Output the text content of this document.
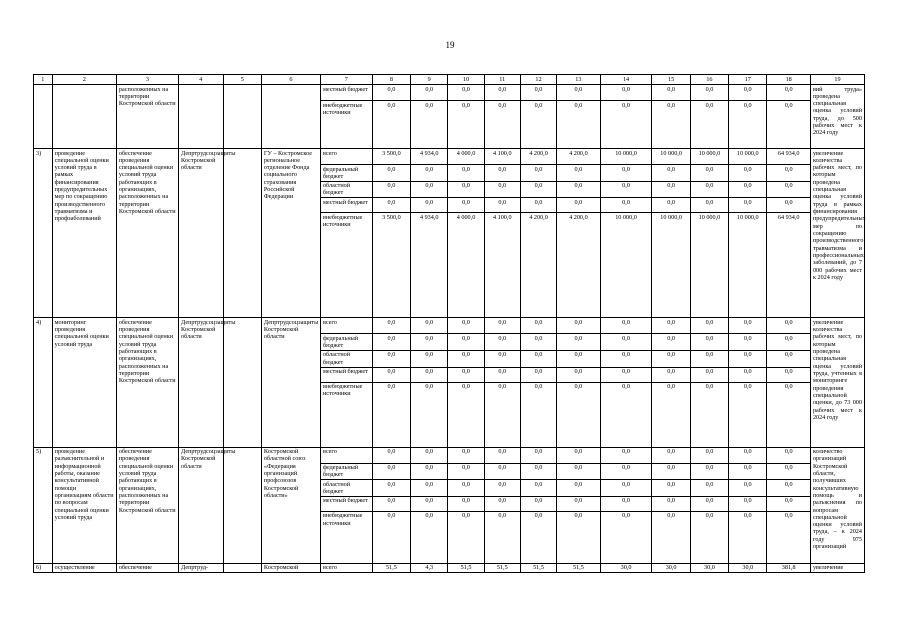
19
1	2	3	4	5	6	7	8	9	10	11	12	13	14	15	16	17	18	19
		расположенных на территории Костромской области				местный бюджет	0,0	0,0	0,0	0,0	0,0	0,0	0,0	0,0	0,0	0,0	0,0	вий труда» проведена специальная оценка условий труда, до 500 рабочих мест к 2024 году
						внебюджетные источники	0,0	0,0	0,0	0,0	0,0	0,0	0,0	0,0	0,0	0,0	0,0	
3)	проведение специальной оценки условий труда в рамках финансирования предупредительных мер по сокращению производственного травматизма и профзаболеваний	обеспечение проведения специальной оценки условий труда работающих в организациях, расположенных на территории Костромской области	Депртрудсоцзащиты Костромской области		ГУ – Костромское региональное отделение Фонда социального страхования Российской Федерации	всего	3 500,0	4 934,0	4 000,0	4 100,0	4 200,0	4 200,0	10 000,0	10 000,0	10 000,0	10 000,0	64 934,0	увеличение количества рабочих мест, по которым проведена специальная оценка условий труда в рамках финансирования предупредительных мер по сокращению производственного травматизма и профессиональных заболеваний, до 7 000 рабочих мест к 2024 году
						федеральный бюджет	0,0	0,0	0,0	0,0	0,0	0,0	0,0	0,0	0,0	0,0	0,0	
						областной бюджет	0,0	0,0	0,0	0,0	0,0	0,0	0,0	0,0	0,0	0,0	0,0	
						местный бюджет	0,0	0,0	0,0	0,0	0,0	0,0	0,0	0,0	0,0	0,0	0,0	
						внебюджетные источники	3 500,0	4 934,0	4 000,0	4 100,0	4 200,0	4 200,0	10 000,0	10 000,0	10 000,0	10 000,0	64 934,0	
4)	мониторинг проведения специальной оценки условий труда	обеспечение проведения специальной оценки условий труда работающих в организациях, расположенных на территории Костромской области	Депртрудсоцзащиты Костромской области		Депртрудсоцзащиты Костромской области	всего	0,0	0,0	0,0	0,0	0,0	0,0	0,0	0,0	0,0	0,0	0,0	увеличение количества рабочих мест, по которым проведена специальная оценка условий труда, учтенных в мониторинге проведения специальной оценки, до 73 000 рабочих мест к 2024 году
						федеральный бюджет	0,0	0,0	0,0	0,0	0,0	0,0	0,0	0,0	0,0	0,0	0,0	
						областной бюджет	0,0	0,0	0,0	0,0	0,0	0,0	0,0	0,0	0,0	0,0	0,0	
						местный бюджет	0,0	0,0	0,0	0,0	0,0	0,0	0,0	0,0	0,0	0,0	0,0	
						внебюджетные источники	0,0	0,0	0,0	0,0	0,0	0,0	0,0	0,0	0,0	0,0	0,0	
5)	проведение разъяснительной и информационной работы, оказание консультативной помощи организациям области по вопросам специальной оценки условий труда	обеспечение проведения специальной оценки условий труда работающих в организациях, расположенных на территории Костромской области	Депртрудсоцзащиты Костромской области		Костромской областной союз «Федерация организаций профсоюзов Костромской области»	всего	0,0	0,0	0,0	0,0	0,0	0,0	0,0	0,0	0,0	0,0	0,0	количество организаций Костромской области, получивших консультативную помощь и разъяснения по вопросам специальной оценки условий труда, – к 2024 году 975 организаций
						федеральный бюджет	0,0	0,0	0,0	0,0	0,0	0,0	0,0	0,0	0,0	0,0	0,0	
						областной бюджет	0,0	0,0	0,0	0,0	0,0	0,0	0,0	0,0	0,0	0,0	0,0	
						местный бюджет	0,0	0,0	0,0	0,0	0,0	0,0	0,0	0,0	0,0	0,0	0,0	
						внебюджетные источники	0,0	0,0	0,0	0,0	0,0	0,0	0,0	0,0	0,0	0,0	0,0	
6)	осуществление	обеспечение	Депртруд-		Костромской	всего	51,5	4,3	51,5	51,5	51,5	51,5	30,0	30,0	30,0	30,0	381,8	увеличение
